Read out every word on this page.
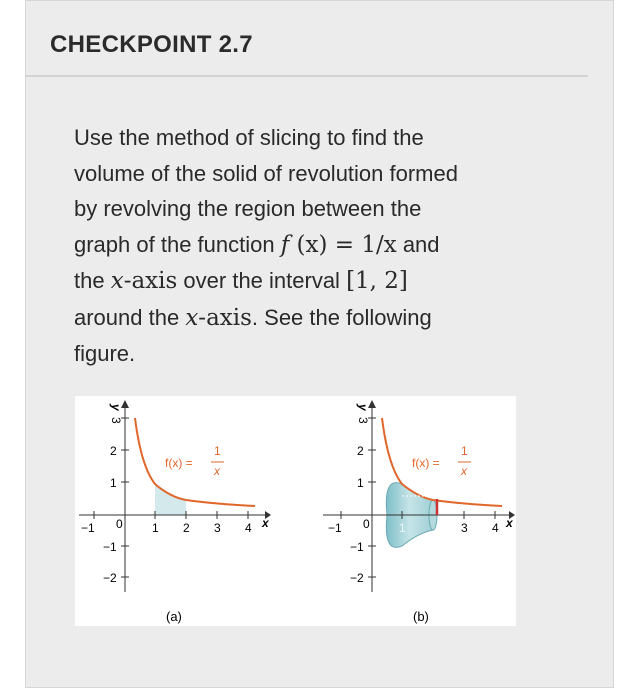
CHECKPOINT 2.7
Use the method of slicing to find the
volume of the solid of revolution formed
by revolving the region between the
graph of the function f (x) = 1/x and
the x-axis over the interval [1, 2]
around the x-axis. See the following
figure.
y
x
3
2
1
0
−1
−2
−1	1 2 3 4
f(x) =
1
x
(a)
y
x
3
2
1
0
−1
−2
−1	1	3 4
f(x) =
1
x
(b)
